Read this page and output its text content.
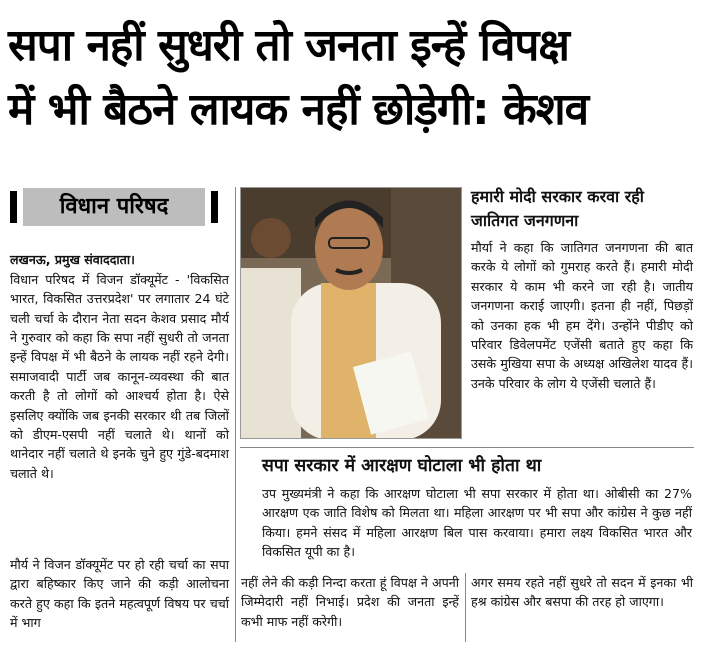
सपा नहीं सुधरी तो जनता इन्हें विपक्ष
में भी बैठने लायक नहीं छोड़ेगी: केशव
विधान परिषद

लखनऊ, प्रमुख संवाददाता।
विधान परिषद में विजन डॉक्यूमेंट - 'विकसित भारत, विकसित उत्तरप्रदेश' पर लगातार 24 घंटे चली चर्चा के दौरान नेता सदन केशव प्रसाद मौर्य ने गुरुवार को कहा कि सपा नहीं सुधरी तो जनता इन्हें विपक्ष में भी बैठने के लायक नहीं रहने देगी। समाजवादी पार्टी जब कानून-व्यवस्था की बात करती है तो लोगों को आश्चर्य होता है। ऐसे इसलिए क्योंकि जब इनकी सरकार थी तब जिलों को डीएम-एसपी नहीं चलाते थे। थानों को थानेदार नहीं चलाते थे इनके चुने हुए गुंडे-बदमाश चलाते थे।

मौर्य ने विजन डॉक्यूमेंट पर हो रही चर्चा का सपा द्वारा बहिष्कार किए जाने की कड़ी आलोचना करते हुए कहा कि इतने महत्वपूर्ण विषय पर चर्चा में भाग
हमारी मोदी सरकार करवा रही जातिगत जनगणना
मौर्या ने कहा कि जातिगत जनगणना की बात करके ये लोगों को गुमराह करते हैं। हमारी मोदी सरकार ये काम भी करने जा रही है। जातीय जनगणना कराई जाएगी। इतना ही नहीं, पिछड़ों को उनका हक भी हम देंगे। उन्होंने पीडीए को परिवार डिवेलपमेंट एजेंसी बताते हुए कहा कि उसके मुखिया सपा के अध्यक्ष अखिलेश यादव हैं। उनके परिवार के लोग ये एजेंसी चलाते हैं।
सपा सरकार में आरक्षण घोटाला भी होता था
उप मुख्यमंत्री ने कहा कि आरक्षण घोटाला भी सपा सरकार में होता था। ओबीसी का 27% आरक्षण एक जाति विशेष को मिलता था। महिला आरक्षण पर भी सपा और कांग्रेस ने कुछ नहीं किया। हमने संसद में महिला आरक्षण बिल पास करवाया। हमारा लक्ष्य विकसित भारत और विकसित यूपी का है।
नहीं लेने की कड़ी निन्दा करता हूं विपक्ष ने अपनी जिम्मेदारी नहीं निभाई। प्रदेश की जनता इन्हें कभी माफ नहीं करेगी।
अगर समय रहते नहीं सुधरे तो सदन में इनका भी हश्र कांग्रेस और बसपा की तरह हो जाएगा।
